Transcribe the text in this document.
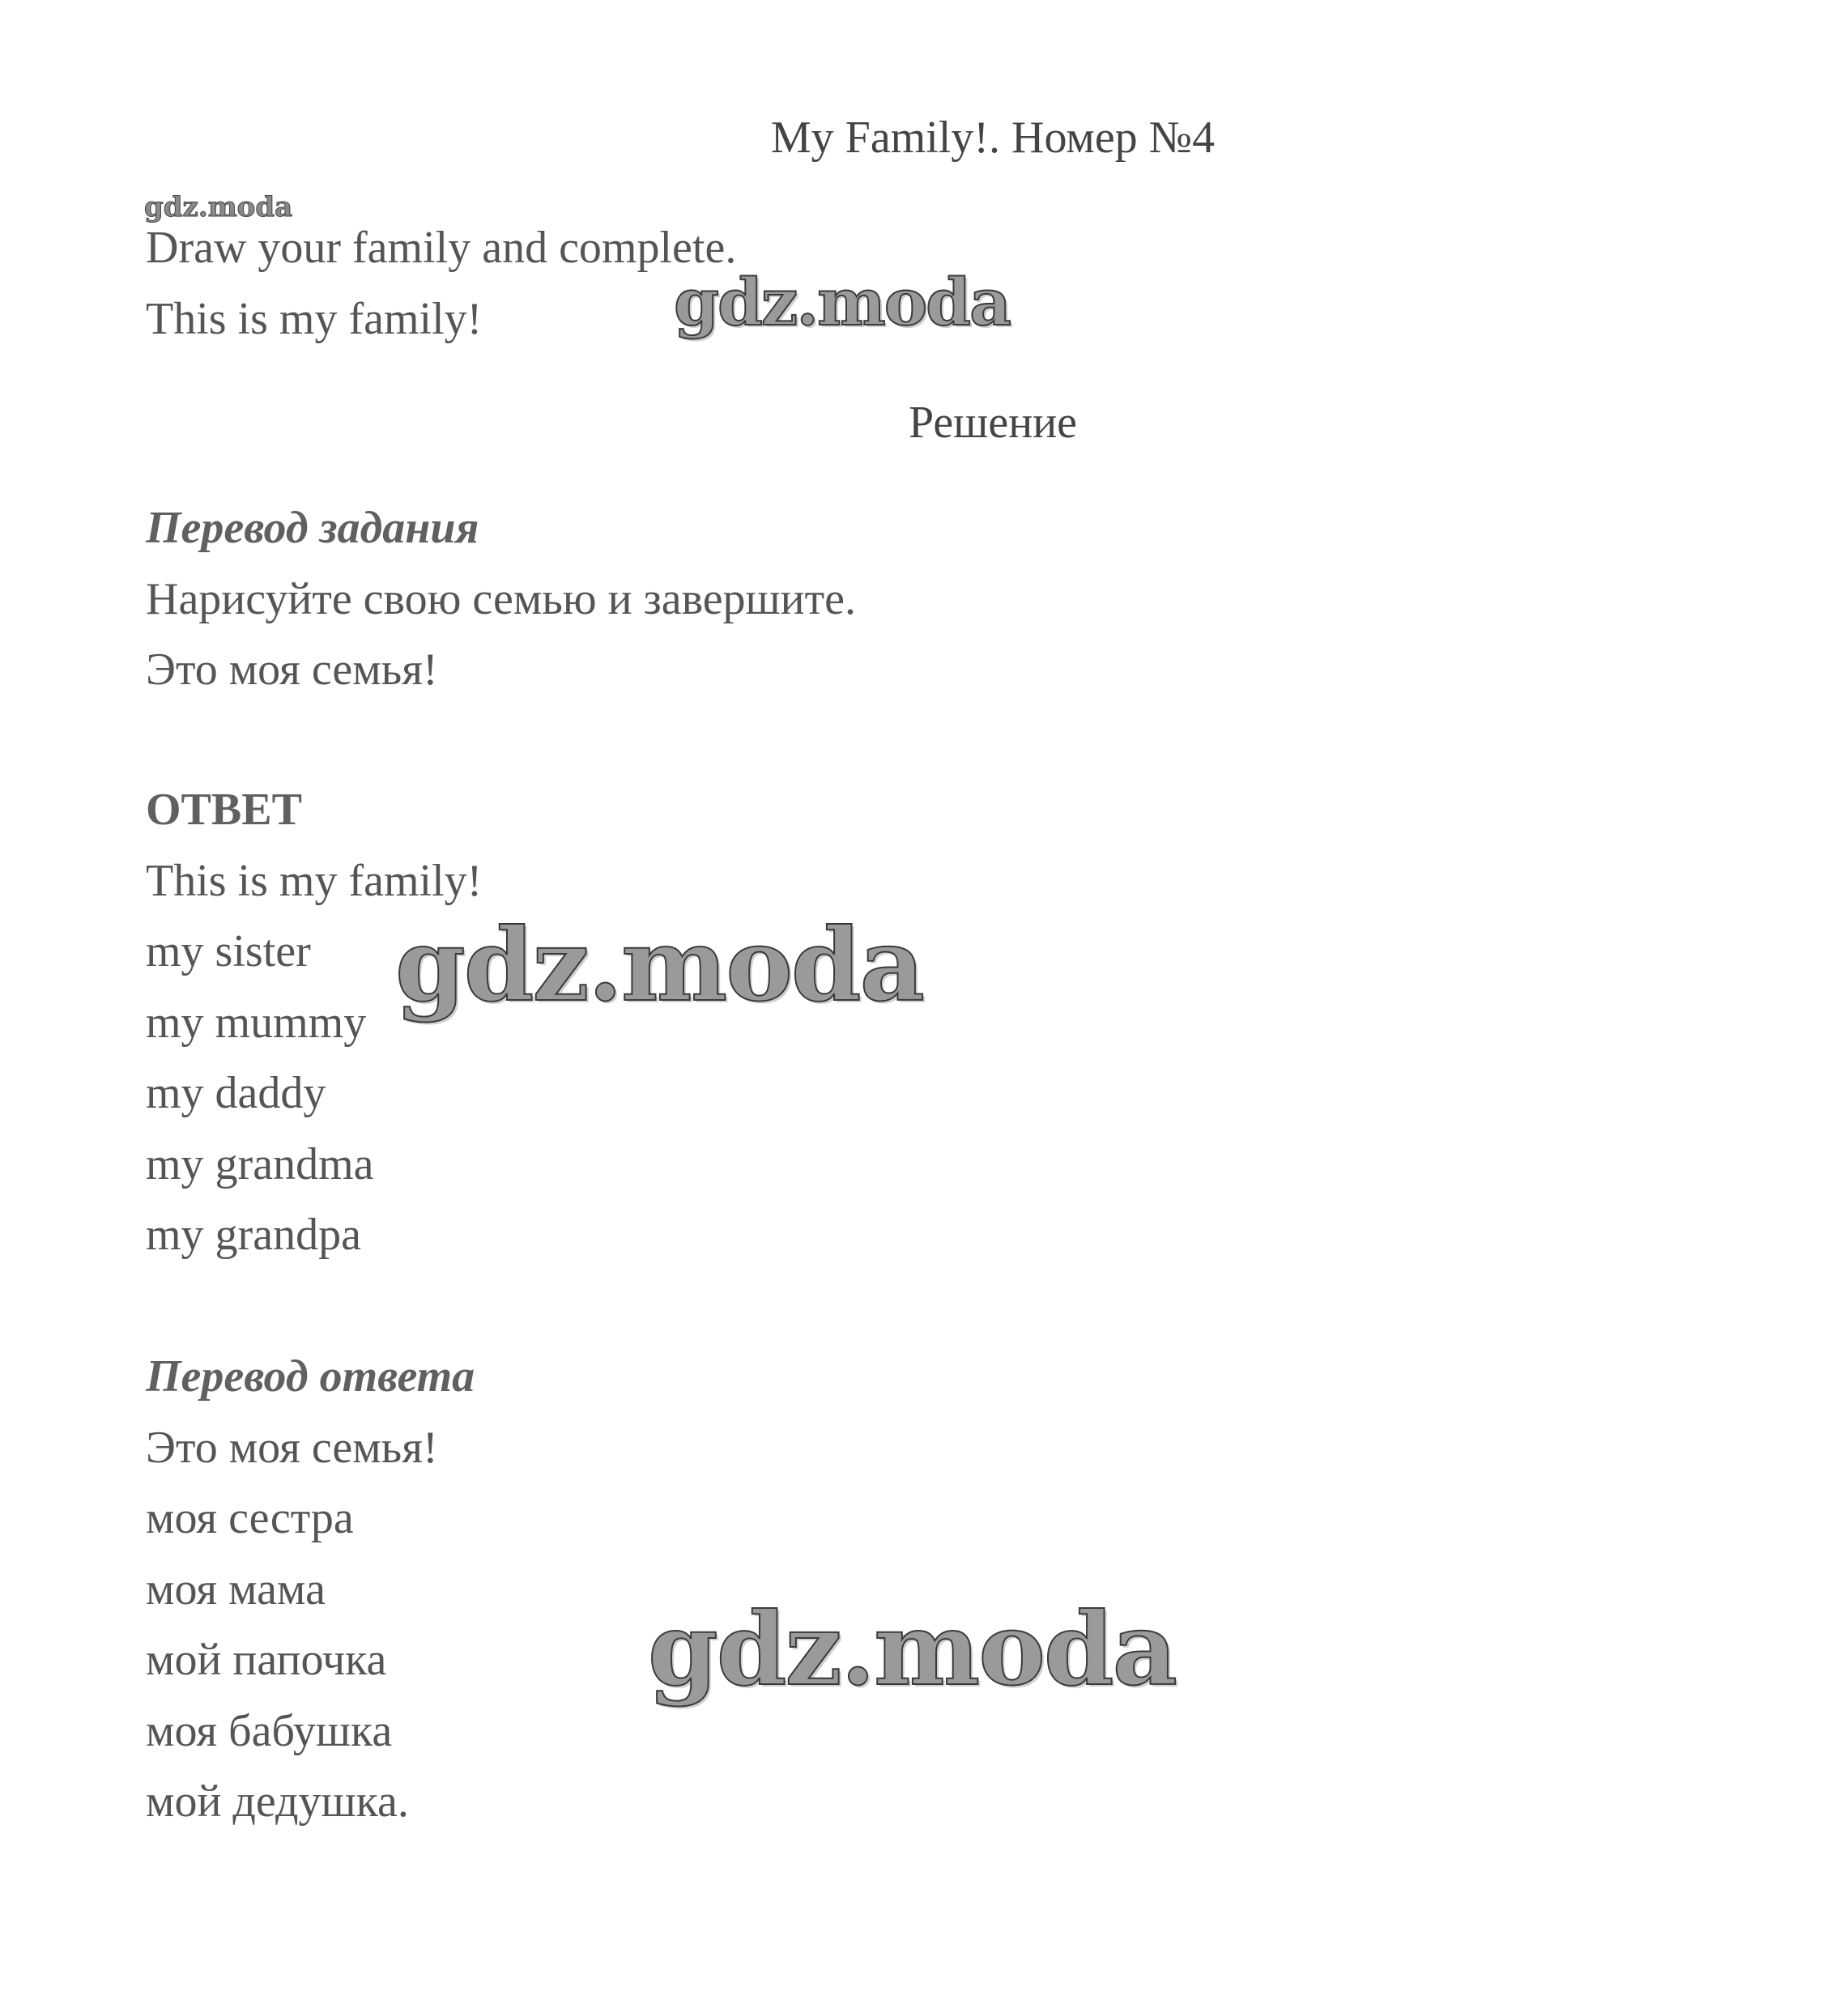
My Family!. Номер №4
gdz.moda
Draw your family and complete.
This is my family!	gdz.moda
Решение
Перевод задания
Нарисуйте свою семью и завершите.
Это моя семья!
ОТВЕТ
This is my family!
my sister
my mummy
my daddy
my grandma
my grandpa
gdz.moda
Перевод ответа
Это моя семья!
моя сестра
моя мама
мой папочка
моя бабушка
мой дедушка.
gdz.moda
